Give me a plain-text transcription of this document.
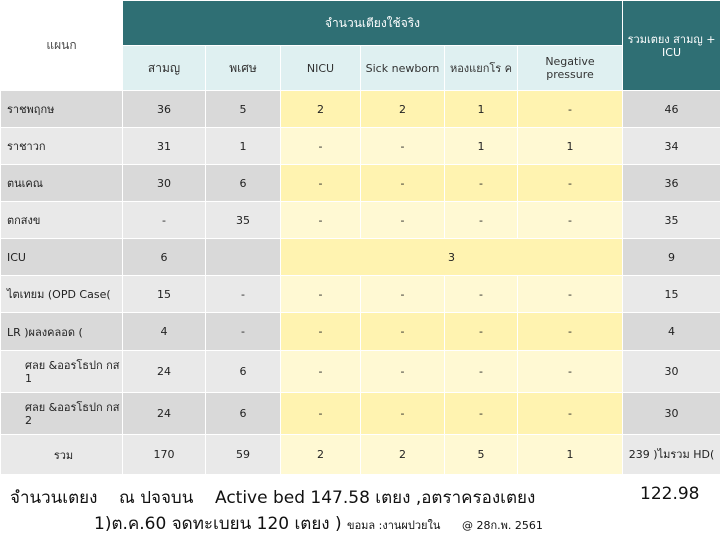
แผนก	จำนวนเตียงใช้จริง						รวมเตยง สามญ + ICU
	สามญ	พเศษ	NICU	Sick newborn	หองแยกโร ค	Negative pressure	
ราชพฤกษ	36	5	2	2	1	-	46
ราชาวก	31	1	-	-	1	1	34
ตนเคณ	30	6	-	-	-	-	36
ตกสงข	-	35	-	-	-	-	35
ICU	6		3				9
ไตเทยม (OPD Case(	15	-	-	-	-	-	15
LR )ผลงคลอด (	4	-	-	-	-	-	4
ศลย &ออรโธปก กส 1	24	6	-	-	-	-	30
ศลย &ออรโธปก กส 2	24	6	-	-	-	-	30
รวม	170	59	2	2	5	1	239 )ไมรวม HD(
จำนวนเตยง ณ ปจจบน Active bed 147.58 เตยง ,อตราครองเตยง	122.98
1)ต.ค.60 จดทะเบยน 120 เตยง ) ขอมล :งานผปวยใน @ 28ก.พ. 2561
